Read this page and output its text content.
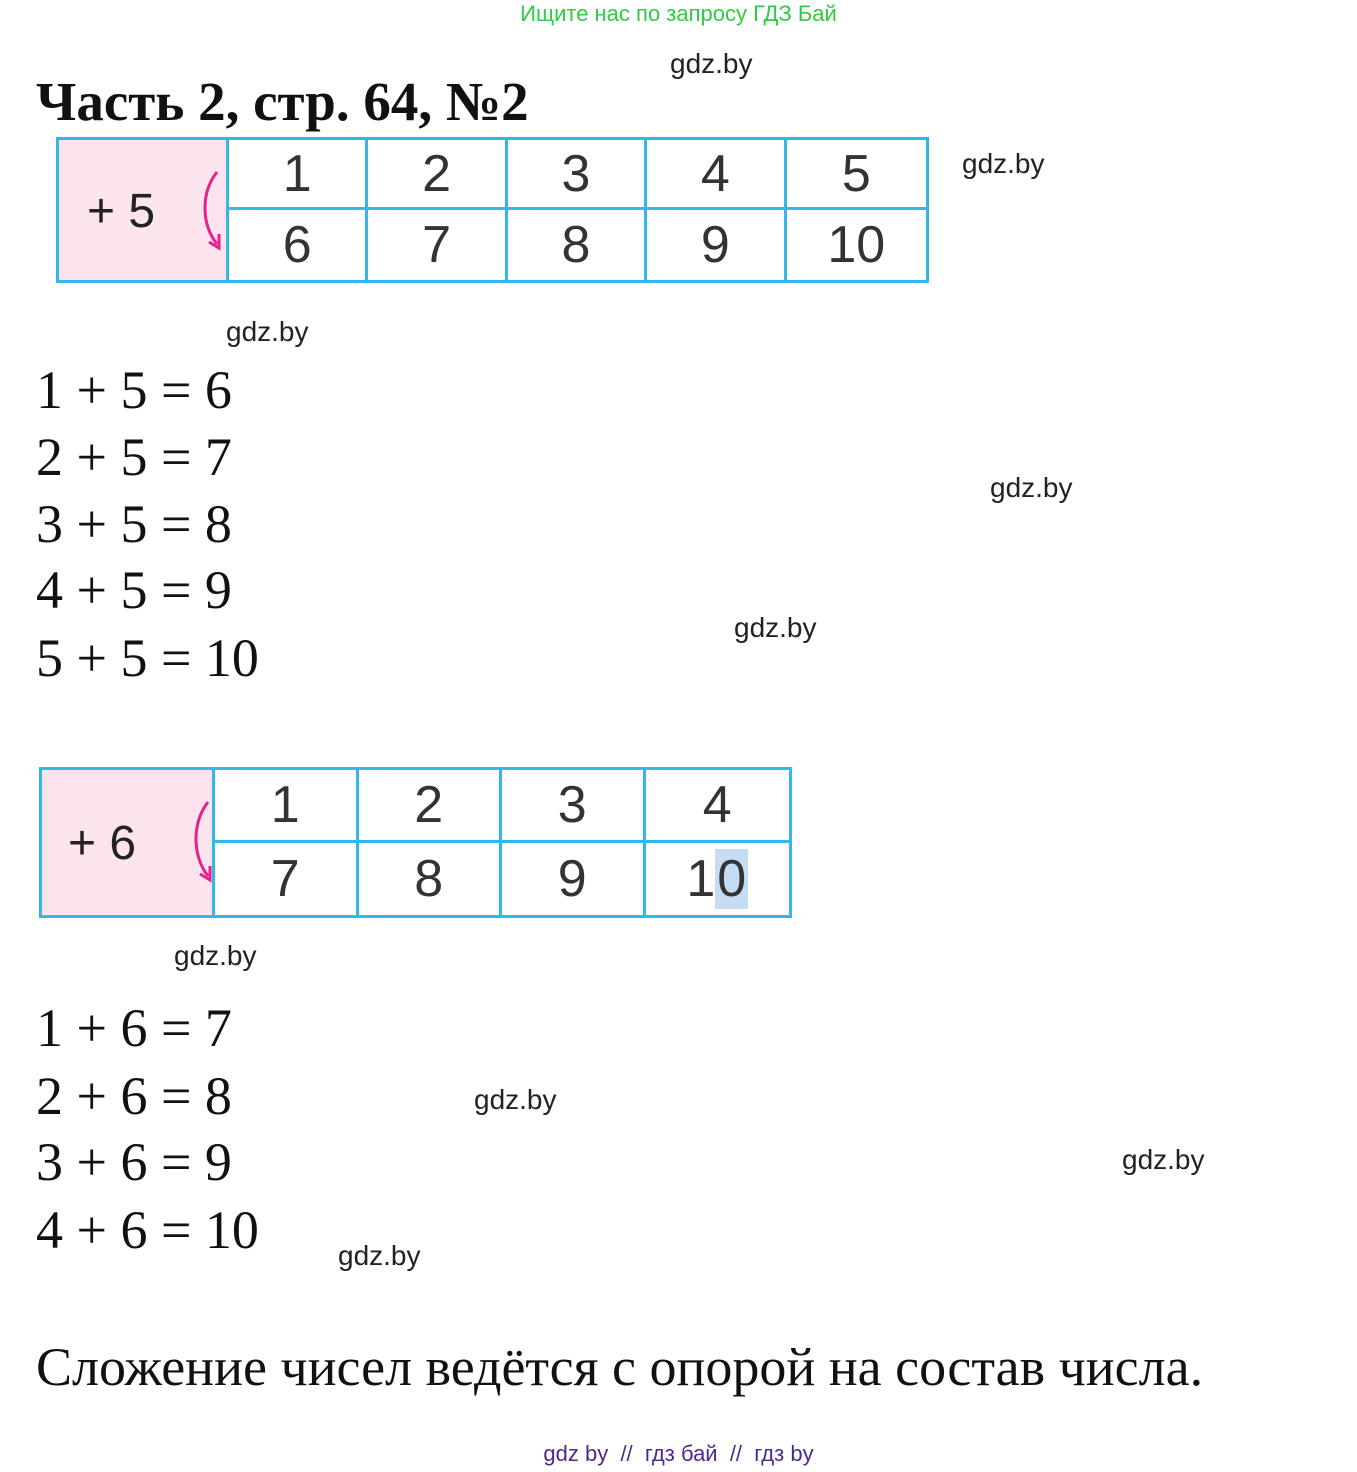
Ищите нас по запросу ГДЗ Бай
Часть 2, стр. 64, №2
gdz.by
gdz.by
gdz.by
gdz.by
gdz.by
gdz.by
gdz.by
gdz.by
gdz.by
+ 5
1	2	3	4	5
6	7	8	9	10
1 + 5 = 6
2 + 5 = 7
3 + 5 = 8
4 + 5 = 9
5 + 5 = 10
+ 6
1	2	3	4
7	8	9	1 0
1 + 6 = 7
2 + 6 = 8
3 + 6 = 9
4 + 6 = 10
Сложение чисел ведётся с опорой на состав числа.
gdz by  //  гдз бай  //  гдз by
